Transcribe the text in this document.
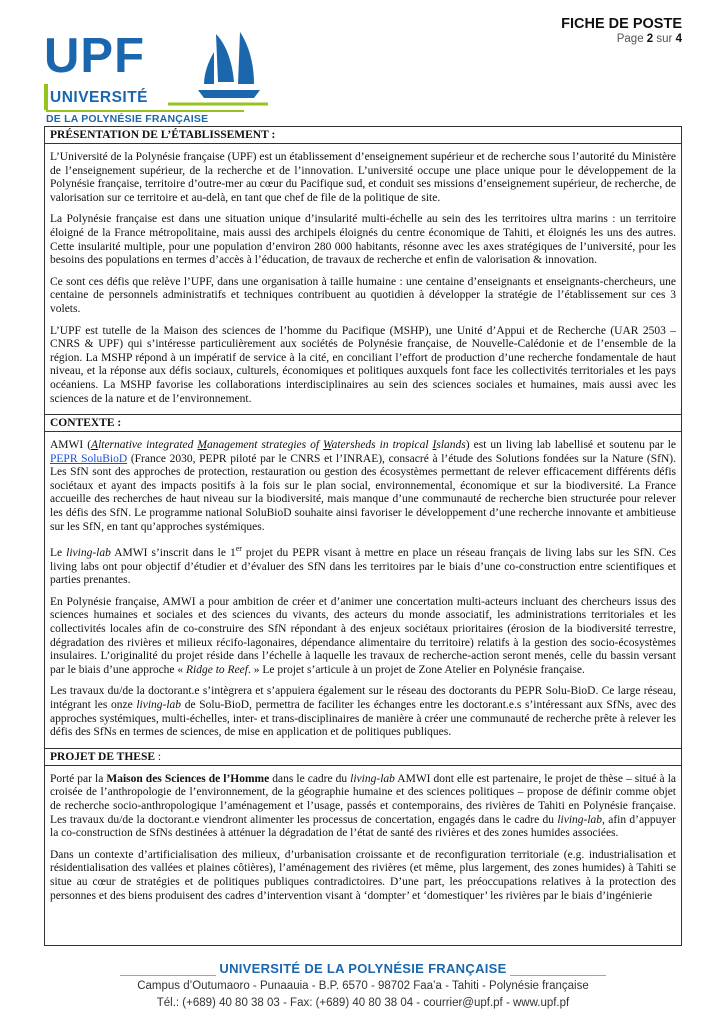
FICHE DE POSTE
Page 2 sur 4
UPF
UNIVERSITÉ
DE LA POLYNÉSIE FRANÇAISE
PRÉSENTATION DE L’ÉTABLISSEMENT :

L’Université de la Polynésie française (UPF) est un établissement d’enseignement supérieur et de recherche sous l’autorité du Ministère de l’enseignement supérieur, de la recherche et de l’innovation. L’université occupe une place unique pour le développement de la Polynésie française, territoire d’outre-mer au cœur du Pacifique sud, et conduit ses missions d’enseignement supérieur, de recherche, de valorisation sur ce territoire et au-delà, en tant que chef de file de la politique de site.

La Polynésie française est dans une situation unique d’insularité multi-échelle au sein des les territoires ultra marins : un territoire éloigné de la France métropolitaine, mais aussi des archipels éloignés du centre économique de Tahiti, et éloignés les uns des autres. Cette insularité multiple, pour une population d’environ 280 000 habitants, résonne avec les axes stratégiques de l’université, pour les besoins des populations en termes d’accès à l’éducation, de travaux de recherche et enfin de valorisation & innovation.

Ce sont ces défis que relève l’UPF, dans une organisation à taille humaine : une centaine d’enseignants et enseignants-chercheurs, une centaine de personnels administratifs et techniques contribuent au quotidien à développer la stratégie de l’établissement sur ces 3 volets.

L’UPF est tutelle de la Maison des sciences de l’homme du Pacifique (MSHP), une Unité d’Appui et de Recherche (UAR 2503 – CNRS & UPF) qui s’intéresse particulièrement aux sociétés de Polynésie française, de Nouvelle-Calédonie et de l’ensemble de la région. La MSHP répond à un impératif de service à la cité, en conciliant l’effort de production d’une recherche fondamentale de haut niveau, et la réponse aux défis sociaux, culturels, économiques et politiques auxquels font face les collectivités territoriales et les pays océaniens. La MSHP favorise les collaborations interdisciplinaires au sein des sciences sociales et humaines, mais aussi avec les sciences de la nature et de l’environnement.

CONTEXTE :

AMWI (Alternative integrated Management strategies of Watersheds in tropical Islands) est un living lab labellisé et soutenu par le PEPR SoluBioD (France 2030, PEPR piloté par le CNRS et l’INRAE), consacré à l’étude des Solutions fondées sur la Nature (SfN). Les SfN sont des approches de protection, restauration ou gestion des écosystèmes permettant de relever efficacement différents défis sociétaux et ayant des impacts positifs à la fois sur le plan social, environnemental, économique et sur la biodiversité. La France accueille des recherches de haut niveau sur la biodiversité, mais manque d’une communauté de recherche bien structurée pour relever les défis des SfN. Le programme national SoluBioD souhaite ainsi favoriser le développement d’une recherche innovante et ambitieuse sur les SfN, en tant qu’approches systémiques.

Le living-lab AMWI s’inscrit dans le 1er projet du PEPR visant à mettre en place un réseau français de living labs sur les SfN. Ces living labs ont pour objectif d’étudier et d’évaluer des SfN dans les territoires par le biais d’une co-construction entre scientifiques et parties prenantes.

En Polynésie française, AMWI a pour ambition de créer et d’animer une concertation multi-acteurs incluant des chercheurs issus des sciences humaines et sociales et des sciences du vivants, des acteurs du monde associatif, les administrations territoriales et les collectivités locales afin de co-construire des SfN répondant à des enjeux sociétaux prioritaires (érosion de la biodiversité terrestre, dégradation des rivières et milieux récifo-lagonaires, dépendance alimentaire du territoire) relatifs à la gestion des socio-écosystèmes insulaires. L’originalité du projet réside dans l’échelle à laquelle les travaux de recherche-action seront menés, celle du bassin versant par le biais d’une approche « Ridge to Reef. » Le projet s’articule à un projet de Zone Atelier en Polynésie française.

Les travaux du/de la doctorant.e s’intègrera et s’appuiera également sur le réseau des doctorants du PEPR Solu-BioD. Ce large réseau, intégrant les onze living-lab de Solu-BioD, permettra de faciliter les échanges entre les doctorant.e.s s’intéressant aux SfNs, avec des approches systémiques, multi-échelles, inter- et trans-disciplinaires de manière à créer une communauté de recherche prête à relever les défis des SfNs en termes de sciences, de mise en application et de politiques publiques.

PROJET DE THESE :

Porté par la Maison des Sciences de l’Homme dans le cadre du living-lab AMWI dont elle est partenaire, le projet de thèse – situé à la croisée de l’anthropologie de l’environnement, de la géographie humaine et des sciences politiques – propose de définir comme objet de recherche socio-anthropologique l’aménagement et l’usage, passés et contemporains, des rivières de Tahiti en Polynésie française. Les travaux du/de la doctorant.e viendront alimenter les processus de concertation, engagés dans le cadre du living-lab, afin d’appuyer la co-construction de SfNs destinées à atténuer la dégradation de l’état de santé des rivières et des zones humides associées.

Dans un contexte d’artificialisation des milieux, d’urbanisation croissante et de reconfiguration territoriale (e.g. industrialisation et résidentialisation des vallées et plaines côtières), l’aménagement des rivières (et même, plus largement, des zones humides) à Tahiti se situe au cœur de stratégies et de politiques publiques contradictoires. D’une part, les préoccupations relatives à la protection des personnes et des biens produisent des cadres d’intervention visant à ‘dompter’ et ‘domestiquer’ les rivières par le biais d’ingénierie

UNIVERSITÉ DE LA POLYNÉSIE FRANÇAISE
Campus d’Outumaoro - Punaauia - B.P. 6570 - 98702 Faa’a - Tahiti - Polynésie française
Tél.: (+689) 40 80 38 03 - Fax: (+689) 40 80 38 04 - courrier@upf.pf - www.upf.pf
